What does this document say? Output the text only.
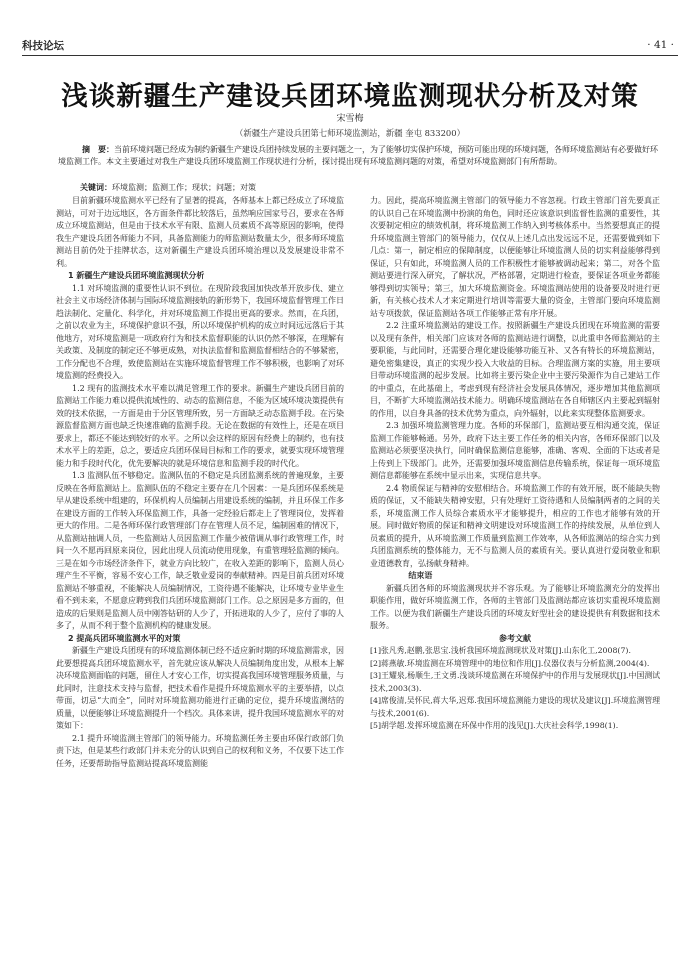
科技论坛	· 41 ·
浅谈新疆生产建设兵团环境监测现状分析及对策
宋雪梅
（新疆生产建设兵团第七师环境监测站，新疆 奎屯 833200）
摘　要：当前环境问题已经成为制约新疆生产建设兵团持续发展的主要问题之一，为了能够切实保护环境，预防可能出现的环境问题，各师环境监测站有必要做好环境监测工作。本文主要通过对我生产建设兵团环境监测工作现状进行分析，探讨提出现有环境监测问题的对策，希望对环境监测部门有所帮助。
关键词：环境监测；监测工作；现状；问题；对策

目前新疆环境监测水平已经有了显著的提高，各师基本上都已经成立了环境监测站，可对于边远地区，各方面条件都比较落后，虽然响应国家号召，要求在各师成立环境监测站，但是由于技术水平有限、监测人员素质不高等原因的影响，使得我生产建设兵团各师能力不同，具备监测能力的师监测站数量太少，很多师环境监测站目前仍处于挂牌状态，这对新疆生产建设兵团环境治理以及发展建设非常不利。

1 新疆生产建设兵团环境监测现状分析

1.1 对环境监测的重要性认识不到位。在现阶段我国加快改革开放步伐、建立社会主义市场经济体制与国际环境监测接轨的新形势下，我国环境监督管理工作日趋法制化、定量化、科学化，并对环境监测工作提出更高的要求。然而，在兵团，之前以农业为主，环境保护意识不强，所以环境保护机构的成立时间远远落后于其他地方，对环境监测是一项政府行为和技术监督职能的认识仍然不够深，在理解有关政策、及制度的制定还不够更成熟，对执法监督和监测监督相结合的不够紧密，工作分配也不合理，致使监测站在实施环境监督管理工作不够积极，也影响了对环境监测的经费投入。

1.2 现有的监测技术水平难以满足管理工作的要求。新疆生产建设兵团目前的监测站工作能力难以提供流域性的、动态的监测信息，不能为区域环境决策提供有效的技术依据，一方面是由于分区管理所致，另一方面缺乏动态监测手段。在污染源监督监测方面也缺乏快速准确的监测手段。无论在数据的有效性上，还是在项目要求上，都还不能达到较好的水平。之所以会这样的原因有经费上的制约，也有技术水平上的差距，总之，要适应兵团环保局目标和工作的要求，就要实现环境管理能力和手段时代化，优先要解决的就是环境信息和监测手段的时代化。

1.3 监测队伍不够稳定。监测队伍的不稳定是兵团监测系统的普遍现象，主要反映在各师监测站上。监测队伍的不稳定主要存在几个因素：一是兵团环保系统是早从建设系统中组建的，环保机构人员编制占用建设系统的编制，并且环保工作多在建设方面的工作转入环保监测工作，具备一定经验后都走上了管理岗位，发挥着更大的作用。二是各师环保行政管理部门存在管理人员不足，编制困难的情况下，从监测站抽调人员，一些监测站人员因监测工作量少被借调从事行政管理工作，时间一久不愿再回原来岗位，因此出现人员流动使用现象，有重管理轻监测的倾向。三是在如今市场经济条件下，就业方向比较广，在收入差距的影响下，监测人员心理产生不平衡，容易不安心工作，缺乏敬业爱岗的奉献精神。四是目前兵团对环境监测站不够重视，不能解决人员编制情况，工资待遇不能解决，让环境专业毕业生看不到未来，不愿意应聘到我们兵团环境监测部门工作。总之原因是多方面的，但造成的后果则是监测人员中刚答钻研的人少了，开拓进取的人少了，应付了事的人多了，从而不利于整个监测机构的健康发展。

2 提高兵团环境监测水平的对策

新疆生产建设兵团现有的环境监测体制已经不适应新时期的环境监测需求，因此要想提高兵团环境监测水平，首先就应该从解决人员编制角度出发，从根本上解决环境监测面临的问题，留住人才安心工作，切实提高我国环境管理服务质量，与此同时，注意技术支持与监督，把技术看作是提升环境监测水平的主要举措，以点带面，切忌“大而全”，同时对环境监测功能进行正确的定位，提升环境监测结的质量，以便能够让环境监测提升一个档次。具体来讲，提升我国环境监测水平的对策如下：

2.1 提升环境监测主管部门的领导能力。环境监测任务主要由环保行政部门负责下达，但是某些行政部门并未充分的认识到自己的权利和义务，不仅要下达工作任务，还要帮助指导监测站提高环境监测能

力。因此，提高环境监测主管部门的领导能力不容忽视。行政主管部门首先要真正的认识自己在环境监测中扮演的角色，同时还应该意识到监督性监测的重要性，其次要制定相应的绩效机制，将环境监测工作纳入到考核体系中。当然要想真正的提升环境监测主管部门的领导能力，仅仅从上述几点出发远远不足，还需要做到如下几点：第一，制定相应的保障制度，以便能够让环境监测人员的切实利益能够得到保证，只有如此，环境监测人员的工作积极性才能够被调动起来；第二，对各个监测站要进行深入研究，了解状况，严格部署，定期进行检查，要保证各项业务都能够得到切实领导；第三，加大环境监测资金。环境监测站使用的设备要及时进行更新，有关核心技术人才来定期进行培训等需要大量的资金，主管部门要向环境监测站专项拨款，保证监测站各项工作能够正常有序开展。

2.2 注重环境监测站的建设工作。按照新疆生产建设兵团现在环境监测的需要以及现有条件，相关部门应该对各师的监测站进行调整，以此重申各师监测站的主要职能，与此同时，还需要合理化建设能够功能互补、又各有特长的环境监测站，避免密集建设，真正的实现少投入大收益的目标。合理监测方案的实施，用主要项目带动环境监测的起步发展。比如将主要污染企业中主要污染源作为自己建站工作的中重点，在此基础上，考虑到现有经济社会发展具体情况，逐步增加其他监测项目，不断扩大环境监测站技术能力。明确环境监测站在各自师辖区内主要起到辐射的作用，以自身具备的技术优势为重点，向外辐射，以此来实现整体监测要求。

2.3 加强环境监测管理力度。各师的环保部门，监测站要互相沟通交流，保证监测工作能够畅通。另外，政府下达主要工作任务的相关内容，各师环保部门以及监测站必须要坚决执行，同时确保监测信息能够，准确、客观、全面的下达或者是上传到上下级部门。此外，还需要加强环境监测信息传输系统，保证每一项环境监测信息都能够在系统中显示出来，实现信息共享。

2.4 物质保证与精神的安慰相结合。环境监测工作的有效开展，既不能缺失物质的保证，又不能缺失精神安慰，只有处理好工资待遇和人员编制两者的之间的关系，环境监测工作人员综合素质水平才能够提升，相应的工作也才能够有效的开展。同时做好物质的保证和精神文明建设对环境监测工作的持续发展，从单位到人员素质的提升，从环境监测工作质量到监测工作效率，从各师监测站的综合实力到兵团监测系统的整体能力，无不与监测人员的素质有关。要认真进行爱岗敬业和职业道德教育，弘扬献身精神。

结束语

新疆兵团各师的环境监测现状并不容乐观。为了能够让环境监测充分的发挥出职能作用，做好环境监测工作，各师的主管部门及监测站都应该切实重视环境监测工作。以便为我们新疆生产建设兵团的环境友好型社会的建设提供有利数据和技术服务。

参考文献

[1]张凡秀,赵鹏,张思宝.浅析我国环境监测现状及对策[J].山东化工,2008(7).

[2]蒋燕敏.环境监测在环境管理中的地位和作用[J].仪器仪表与分析监测,2004(4).

[3]王耀泉,杨顺生,王文勇.浅谈环境监测在环境保护中的作用与发展现状[J].中国测试技术,2003(3).

[4]席俊清,吴怀民,蒋大华,迟郑.我国环境监测能力建设的现状及建议[J].环境监测管理与技术,2001(6).

[5]胡学超.发挥环境监测在环保中作用的浅见[J].大庆社会科学,1998(1).
